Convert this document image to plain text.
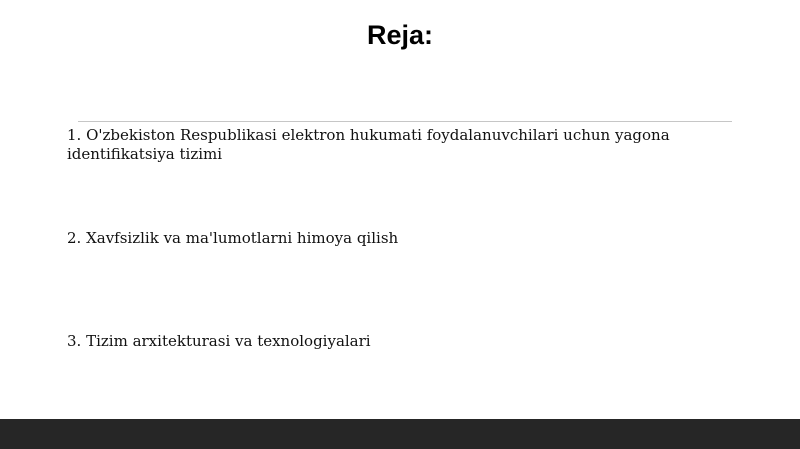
Reja:
1. O'zbekiston Respublikasi elektron hukumati foydalanuvchilari uchun yagona identifikatsiya tizimi
2. Xavfsizlik va ma'lumotlarni himoya qilish
3. Tizim arxitekturasi va texnologiyalari
